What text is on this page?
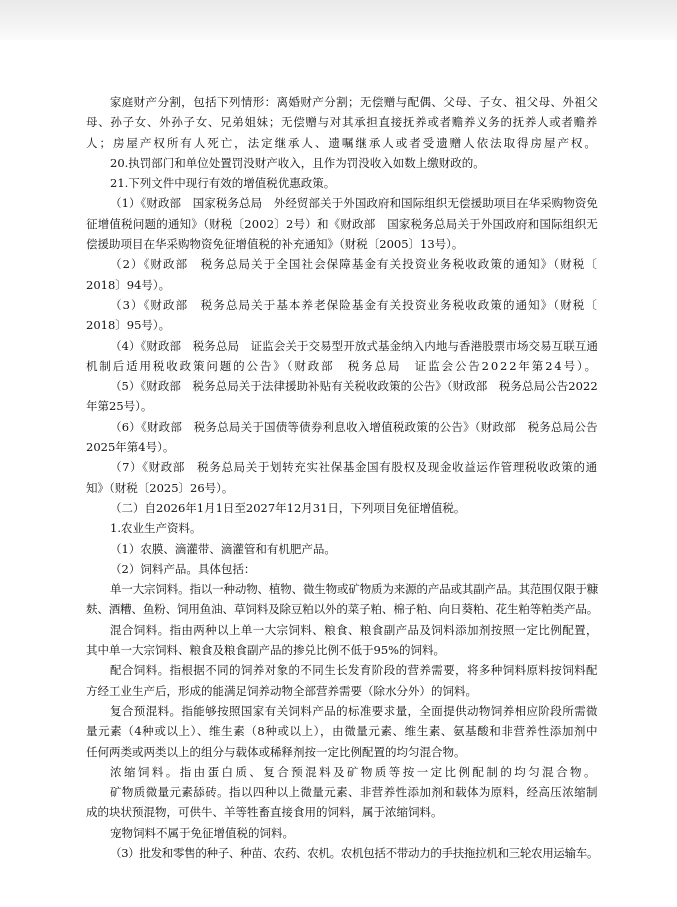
　　家庭财产分割，包括下列情形：离婚财产分割；无偿赠与配偶、父母、子女、祖父母、外祖父
母、孙子女、外孙子女、兄弟姐妹；无偿赠与对其承担直接抚养或者赡养义务的抚养人或者赡养
人；房屋产权所有人死亡，法定继承人、遗嘱继承人或者受遗赠人依法取得房屋产权。
20.执罚部门和单位处置罚没财产收入，且作为罚没收入如数上缴财政的。
21.下列文件中现行有效的增值税优惠政策。
（1）《财政部　国家税务总局　外经贸部关于外国政府和国际组织无偿援助项目在华采购物资免
征增值税问题的通知》（财税〔2002〕2号）和《财政部　国家税务总局关于外国政府和国际组织无
偿援助项目在华采购物资免征增值税的补充通知》（财税〔2005〕13号）。
（2）《财政部　税务总局关于全国社会保障基金有关投资业务税收政策的通知》（财税〔
2018〕94号）。
（3）《财政部　税务总局关于基本养老保险基金有关投资业务税收政策的通知》（财税〔
2018〕95号）。
（4）《财政部　税务总局　证监会关于交易型开放式基金纳入内地与香港股票市场交易互联互通
机制后适用税收政策问题的公告》（财政部　税务总局　证监会公告2022年第24号）。
（5）《财政部　税务总局关于法律援助补贴有关税收政策的公告》（财政部　税务总局公告2022
年第25号）。
（6）《财政部　税务总局关于国债等债券利息收入增值税政策的公告》（财政部　税务总局公告
2025年第4号）。
（7）《财政部　税务总局关于划转充实社保基金国有股权及现金收益运作管理税收政策的通
知》（财税〔2025〕26号）。
（二）自2026年1月1日至2027年12月31日，下列项目免征增值税。
1.农业生产资料。
（1）农膜、滴灌带、滴灌管和有机肥产品。
（2）饲料产品。具体包括：
单一大宗饲料。指以一种动物、植物、微生物或矿物质为来源的产品或其副产品。其范围仅限于糠
麸、酒糟、鱼粉、饲用鱼油、草饲料及除豆粕以外的菜子粕、棉子粕、向日葵粕、花生粕等粕类产品。
混合饲料。指由两种以上单一大宗饲料、粮食、粮食副产品及饲料添加剂按照一定比例配置，
其中单一大宗饲料、粮食及粮食副产品的掺兑比例不低于95%的饲料。
配合饲料。指根据不同的饲养对象的不同生长发育阶段的营养需要，将多种饲料原料按饲料配
方经工业生产后，形成的能满足饲养动物全部营养需要（除水分外）的饲料。
复合预混料。指能够按照国家有关饲料产品的标准要求量，全面提供动物饲养相应阶段所需微
量元素（4种或以上）、维生素（8种或以上），由微量元素、维生素、氨基酸和非营养性添加剂中
任何两类或两类以上的组分与载体或稀释剂按一定比例配置的均匀混合物。
浓缩饲料。指由蛋白质、复合预混料及矿物质等按一定比例配制的均匀混合物。
矿物质微量元素舔砖。指以四种以上微量元素、非营养性添加剂和载体为原料，经高压浓缩制
成的块状预混物，可供牛、羊等牲畜直接食用的饲料，属于浓缩饲料。
宠物饲料不属于免征增值税的饲料。
（3）批发和零售的种子、种苗、农药、农机。农机包括不带动力的手扶拖拉机和三轮农用运输车。
